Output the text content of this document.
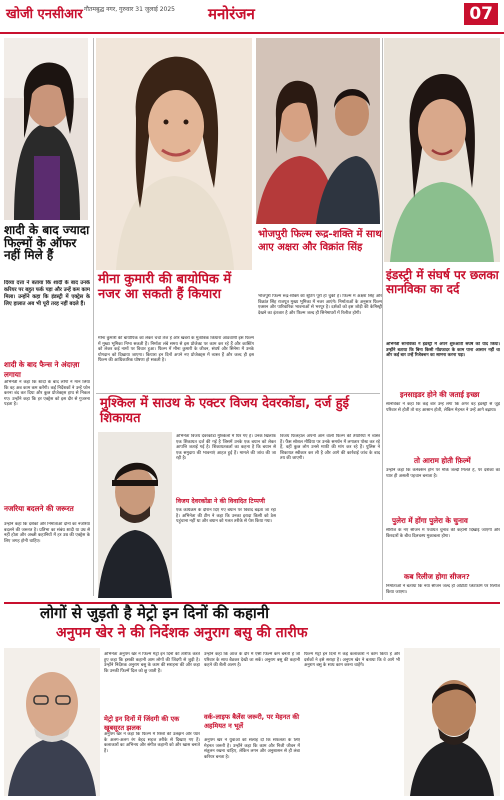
खोजी एनसीआर गौतमबुद्ध नगर, गुरुवार 31 जुलाई 2025	मनोरंजन	07
शादी के बाद ज्यादा फिल्मों के ऑफर नहीं मिले हैं
दिव्या दत्ता ने बताया कि शादी के बाद उनके करियर पर बहुत फर्क पड़ा और उन्हें कम काम मिला। उन्होंने कहा कि इंडस्ट्री में एक्ट्रेस के लिए हालात अब भी पूरी तरह नहीं बदले हैं।
शादी के बाद फैन्स ने अंदाज़ा लगाया
अभिनेत्री ने कहा कि शादी के बाद लोगों ने मान लिया कि वह अब काम कम करेंगी। कई निर्देशकों ने उन्हें फोन करना बंद कर दिया और कुछ प्रोजेक्ट्स हाथ से निकल गए। उन्होंने कहा कि हर एक्ट्रेस को इस दौर से गुजरना पड़ता है।
नजरिया बदलने की जरूरत
उन्होंने कहा कि दर्शकों और निर्माताओं दोनों का नजरिया बदलने की जरूरत है। प्रतिभा का संबंध शादी या उम्र से नहीं होता और अच्छी कहानियों में हर उम्र की एक्ट्रेस के लिए जगह होनी चाहिए।
मीना कुमारी की बायोपिक में नजर आ सकती हैं कियारा
मीना कुमारी की बायोपिक को लेकर चर्चा तेज है और खबरों के मुताबिक कियारा आडवाणी इस फिल्म में मुख्य भूमिका निभा सकती हैं। निर्माता लंबे समय से इस प्रोजेक्ट पर काम कर रहे हैं और कास्टिंग को लेकर कई नामों पर विचार हुआ। फिल्म में मीना कुमारी के जीवन, संघर्ष और सिनेमा में उनके योगदान को दिखाया जाएगा। कियारा इन दिनों अपने नए प्रोजेक्ट्स में व्यस्त हैं और जल्द ही इस फिल्म की आधिकारिक घोषणा हो सकती है।
भोजपुरी फिल्म रूद्र-शक्ति में साथ आए अक्षरा और विक्रांत सिंह
भोजपुरी फिल्म रूद्र-शक्ति की शूटिंग पूरी हो चुकी है। फिल्म में अक्षरा सिंह और विक्रांत सिंह राजपूत मुख्य भूमिका में नजर आएंगे। निर्माताओं के अनुसार फिल्म एक्शन और पारिवारिक भावनाओं से भरपूर है। दर्शकों को इस जोड़ी की केमिस्ट्री देखने का इंतजार है और फिल्म जल्द ही सिनेमाघरों में रिलीज होगी।
इंडस्ट्री में संघर्ष पर छलका सानविका का दर्द
अभिनेत्री सानविका ने इंडस्ट्री में अपने शुरुआती संघर्ष को याद किया। उन्होंने बताया कि बिना किसी गॉडफादर के काम पाना आसान नहीं था और कई बार उन्हें रिजेक्शन का सामना करना पड़ा।
इनसाइडर होने की जताई इच्छा
सानविका ने कहा कि कई बार उन्हें लगा कि अगर वह इंडस्ट्री से जुड़े परिवार से होतीं तो राह आसान होती, लेकिन मेहनत ने उन्हें आगे बढ़ाया।
तो आराम होती फ़िल्में
उन्होंने कहा कि कनेक्शन होने पर मौके जल्दी मिलते हैं, पर दर्शकों का प्यार ही असली पहचान बनाता है।
पुलेरा में होंगा पुलेरा के चुनाव
सीरीज के नए सीजन में पंचायत चुनाव की कहानी दिखाई जाएगी और किरदारों के बीच दिलचस्प मुकाबला होगा।
कब रिलीज होगा सीजन?
निर्माताओं ने बताया कि नया सीजन जल्द ही ओटीटी प्लेटफॉर्म पर रिलीज किया जाएगा।
मुश्किल में साउथ के एक्टर विजय देवरकोंडा, दर्ज हुई शिकायत
अभिनेता विजय देवरकोंडा मुश्किलों में घिर गए हैं। उनके खिलाफ एक शिकायत दर्ज की गई है जिसमें उनके एक बयान को लेकर आपत्ति जताई गई है। शिकायतकर्ता का कहना है कि बयान से एक समुदाय की भावनाएं आहत हुई हैं। मामले की जांच की जा रही है।
विजय देवरकोंडा ने की विवादित टिप्पणी
एक कार्यक्रम के दौरान दिए गए बयान पर विवाद बढ़ता जा रहा है। अभिनेता की टीम ने कहा कि उनका इरादा किसी को ठेस पहुंचाना नहीं था और बयान को गलत तरीके से पेश किया गया।
विजय फिलहाल अपनी आने वाली फिल्म की तैयारियों में व्यस्त हैं। फैंस सोशल मीडिया पर उनके समर्थन में लगातार पोस्ट कर रहे हैं, वहीं कुछ लोग उनसे माफी की मांग कर रहे हैं। पुलिस ने शिकायत स्वीकार कर ली है और आगे की कार्रवाई जांच के बाद तय की जाएगी।
लोगों से जुड़ती है मेट्रो इन दिनों की कहानी
अनुपम खेर ने की निर्देशक अनुराग बसु की तारीफ
अभिनेता अनुपम खेर ने फिल्म मेट्रो इन दिनों की तारीफ करते हुए कहा कि इसकी कहानी आम लोगों की जिंदगी से जुड़ी है। उन्होंने निर्देशक अनुराग बसु के काम की सराहना की और कहा कि उनकी फिल्में दिल को छू जाती हैं।
मेट्रो इन दिनों में जिंदगी की एक खूबसूरत झलक
अनुपम खेर ने कहा कि फिल्म में रिश्तों की उलझनें और प्यार के अलग-अलग रंग बेहद सहज तरीके से दिखाए गए हैं। कलाकारों का अभिनय और संगीत कहानी को और खास बनाते हैं।
उन्होंने कहा कि आज के दौर में ऐसी फिल्में कम बनती हैं जो परिवार के साथ बैठकर देखी जा सकें। अनुराग बसु की कहानी कहने की शैली अलग है।
वर्क-लाइफ बैलेंस जरूरी, पर मेहनत की अहमियत न भूलें
अनुपम खेर ने युवाओं को सलाह दी कि सफलता के लिए मेहनत जरूरी है। उन्होंने कहा कि काम और निजी जीवन में संतुलन रखना चाहिए, लेकिन लगन और अनुशासन से ही लंबा करियर बनता है।
फिल्म मेट्रो इन दिनों में कई कलाकारों ने काम किया है और दर्शकों ने इसे सराहा है। अनुपम खेर ने बताया कि वे आगे भी अनुराग बसु के साथ काम करना चाहेंगे।
